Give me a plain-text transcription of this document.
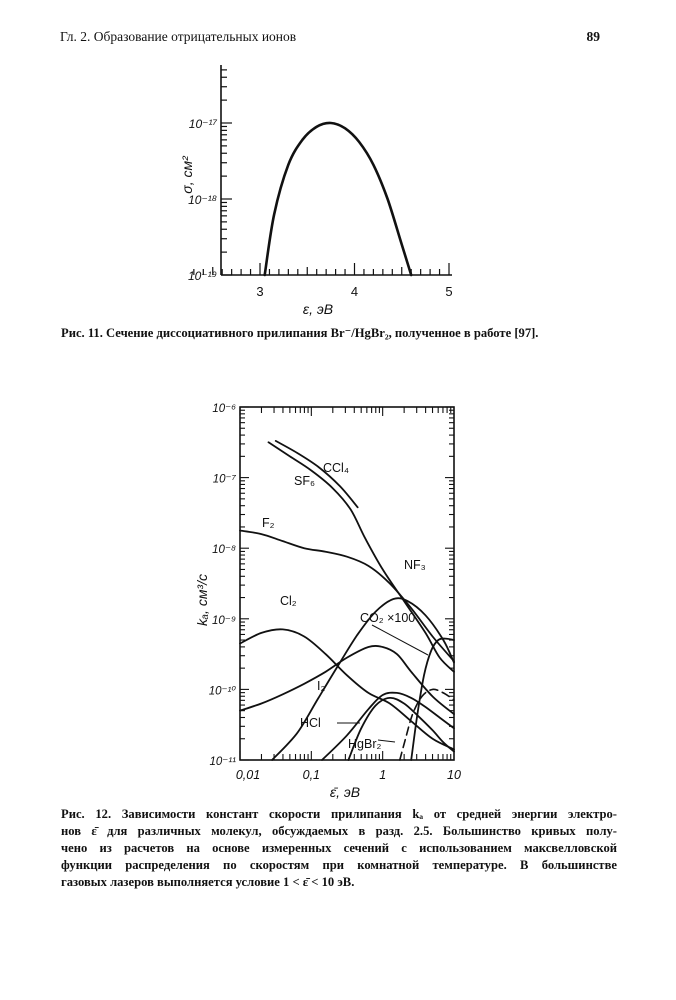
Гл. 2. Образование отрицательных ионов	89
3	4	5
10⁻¹⁷
10⁻¹⁸
10⁻¹⁹
ε, эВ
σ, см²
Рис. 11. Сечение диссоциативного прилипания Br⁻/HgBr₂, полученное в работе [97].
CCl₄
SF₆
F₂
NF₃
Cl₂
CO₂ ×100
I₂
HCl
HgBr₂
0,01	0,1	1	10
10⁻⁶
10⁻⁷
10⁻⁸
10⁻⁹
10⁻¹⁰
10⁻¹¹
ε̄, эВ
kₐ, см³/с
Рис. 12. Зависимости констант скорости прилипания kₐ от средней энергии электро-
нов ε̄ для различных молекул, обсуждаемых в разд. 2.5. Большинство кривых полу-
чено из расчетов на основе измеренных сечений с использованием максвелловской
функции распределения по скоростям при комнатной температуре. В большинстве
газовых лазеров выполняется условие 1 < ε̄ < 10 эВ.
